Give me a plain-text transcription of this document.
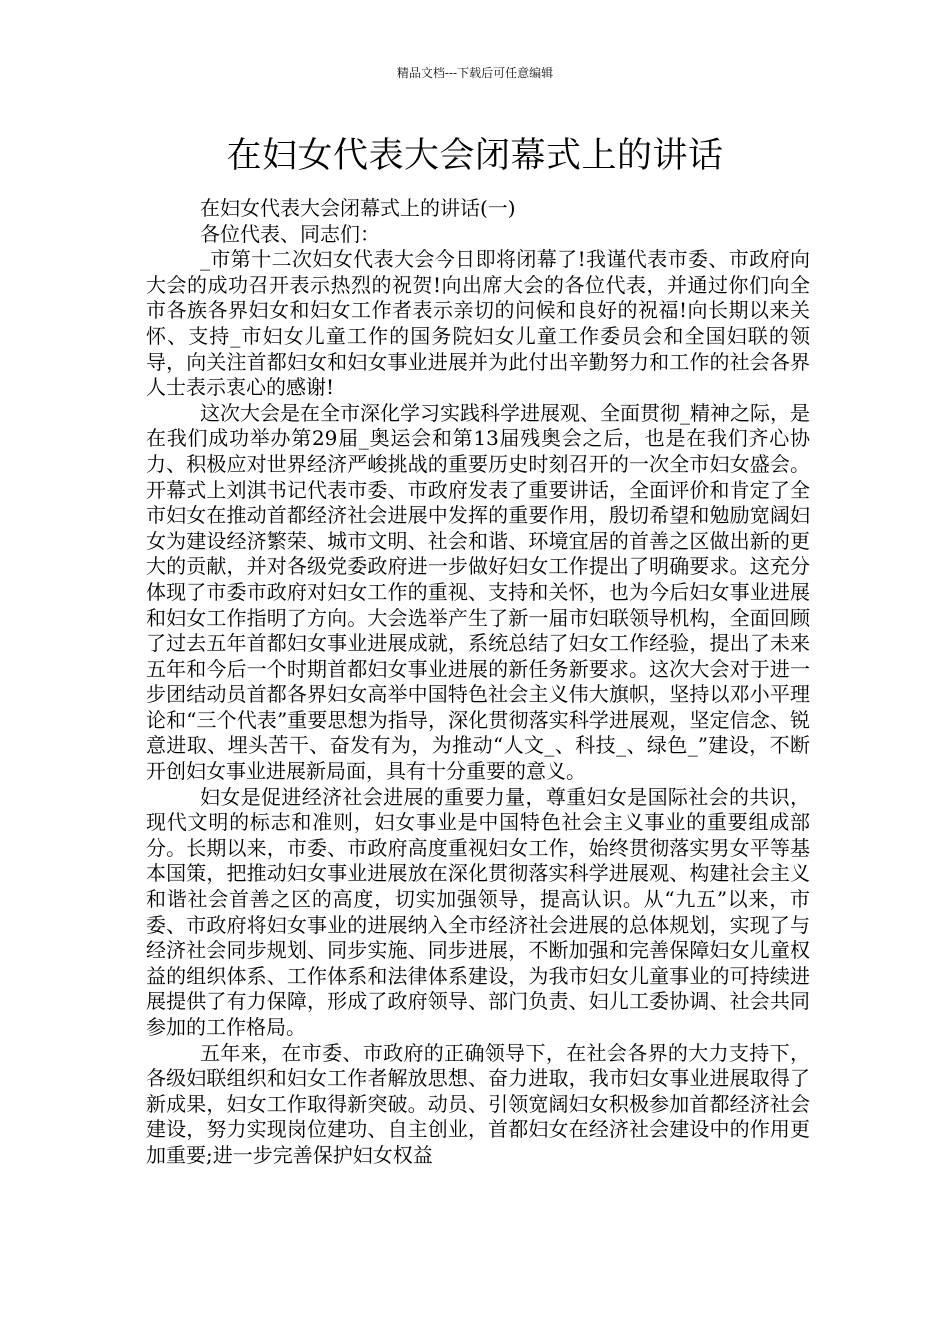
精品文档---下载后可任意编辑
在妇女代表大会闭幕式上的讲话

在妇女代表大会闭幕式上的讲话(一)

各位代表、同志们：

_市第十二次妇女代表大会今日即将闭幕了!我谨代表市委、市政府向大会的成功召开表示热烈的祝贺!向出席大会的各位代表，并通过你们向全市各族各界妇女和妇女工作者表示亲切的问候和良好的祝福!向长期以来关怀、支持_市妇女儿童工作的国务院妇女儿童工作委员会和全国妇联的领导，向关注首都妇女和妇女事业进展并为此付出辛勤努力和工作的社会各界人士表示衷心的感谢!

这次大会是在全市深化学习实践科学进展观、全面贯彻_精神之际，是在我们成功举办第29届_奥运会和第13届残奥会之后，也是在我们齐心协力、积极应对世界经济严峻挑战的重要历史时刻召开的一次全市妇女盛会。开幕式上刘淇书记代表市委、市政府发表了重要讲话，全面评价和肯定了全市妇女在推动首都经济社会进展中发挥的重要作用，殷切希望和勉励宽阔妇女为建设经济繁荣、城市文明、社会和谐、环境宜居的首善之区做出新的更大的贡献，并对各级党委政府进一步做好妇女工作提出了明确要求。这充分体现了市委市政府对妇女工作的重视、支持和关怀，也为今后妇女事业进展和妇女工作指明了方向。大会选举产生了新一届市妇联领导机构，全面回顾了过去五年首都妇女事业进展成就，系统总结了妇女工作经验，提出了未来五年和今后一个时期首都妇女事业进展的新任务新要求。这次大会对于进一步团结动员首都各界妇女高举中国特色社会主义伟大旗帜，坚持以邓小平理论和“三个代表”重要思想为指导，深化贯彻落实科学进展观，坚定信念、锐意进取、埋头苦干、奋发有为，为推动“人文_、科技_、绿色_”建设，不断开创妇女事业进展新局面，具有十分重要的意义。

妇女是促进经济社会进展的重要力量，尊重妇女是国际社会的共识，现代文明的标志和准则，妇女事业是中国特色社会主义事业的重要组成部分。长期以来，市委、市政府高度重视妇女工作，始终贯彻落实男女平等基本国策，把推动妇女事业进展放在深化贯彻落实科学进展观、构建社会主义和谐社会首善之区的高度，切实加强领导，提高认识。从“九五”以来，市委、市政府将妇女事业的进展纳入全市经济社会进展的总体规划，实现了与经济社会同步规划、同步实施、同步进展，不断加强和完善保障妇女儿童权益的组织体系、工作体系和法律体系建设，为我市妇女儿童事业的可持续进展提供了有力保障，形成了政府领导、部门负责、妇儿工委协调、社会共同参加的工作格局。

五年来，在市委、市政府的正确领导下，在社会各界的大力支持下，各级妇联组织和妇女工作者解放思想、奋力进取，我市妇女事业进展取得了新成果，妇女工作取得新突破。动员、引领宽阔妇女积极参加首都经济社会建设，努力实现岗位建功、自主创业，首都妇女在经济社会建设中的作用更加重要;进一步完善保护妇女权益
